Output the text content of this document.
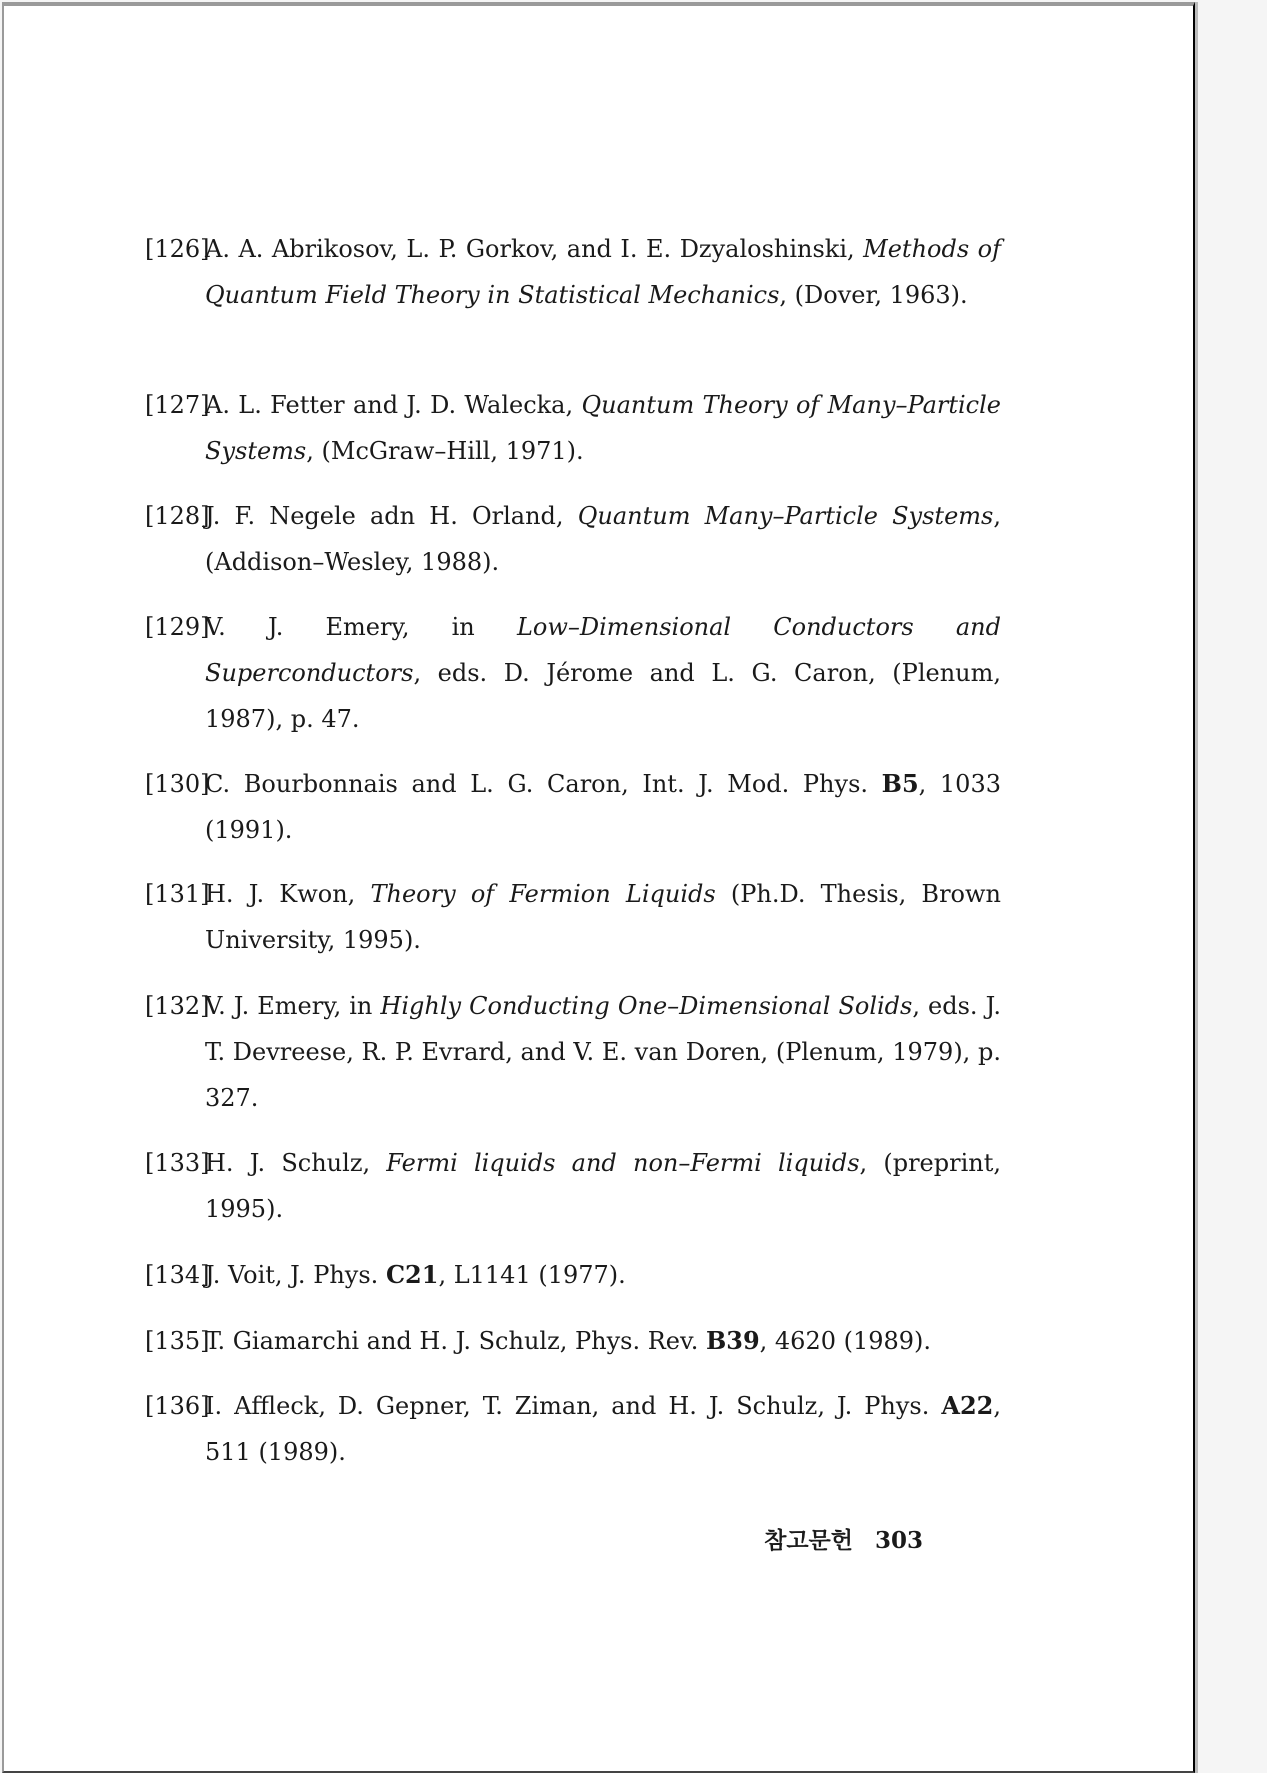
[126]
A. A. Abrikosov, L. P. Gorkov, and I. E. Dzyaloshinski, Methods of Quantum Field Theory in Statistical Mechanics, (Dover, 1963).
[127]
A. L. Fetter and J. D. Walecka, Quantum Theory of Many–Particle Systems, (McGraw–Hill, 1971).
[128]
J. F. Negele adn H. Orland, Quantum Many–Particle Systems, (Addison–Wesley, 1988).
[129]
V. J. Emery, in Low–Dimensional Conductors and Superconductors, eds. D. Jérome and L. G. Caron, (Plenum, 1987), p. 47.
[130]
C. Bourbonnais and L. G. Caron, Int. J. Mod. Phys. B5, 1033 (1991).
[131]
H. J. Kwon, Theory of Fermion Liquids (Ph.D. Thesis, Brown University, 1995).
[132]
V. J. Emery, in Highly Conducting One–Dimensional Solids, eds. J. T. Devreese, R. P. Evrard, and V. E. van Doren, (Plenum, 1979), p. 327.
[133]
H. J. Schulz, Fermi liquids and non–Fermi liquids, (preprint, 1995).
[134]
J. Voit, J. Phys. C21, L1141 (1977).
[135]
T. Giamarchi and H. J. Schulz, Phys. Rev. B39, 4620 (1989).
[136]
I. Affleck, D. Gepner, T. Ziman, and H. J. Schulz, J. Phys. A22, 511 (1989).
참고문헌 303
